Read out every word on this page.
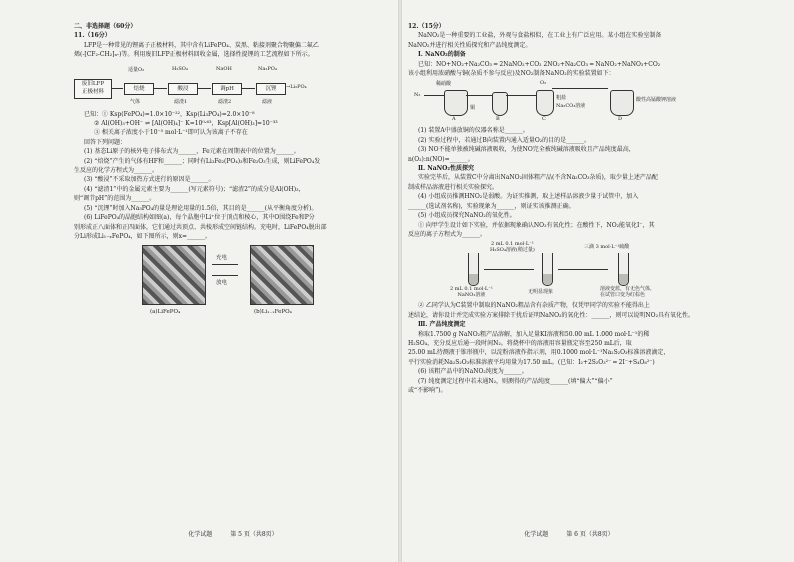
二、非选择题（60分）
11.（16分）
LFP是一种常见的锂离子正极材料，其中含有LiFePO₄、炭黑、粘接剂聚合物聚偏二氟乙
烯(-[CF₂-CH₂]ₙ-)等。利用废旧LFP正极材料回收金属，选择性提锂的工艺流程如下所示。
废旧LFP
正极材料
焙烧	酸浸	调pH	沉锂	→Li₂PO₄
适量O₂	H₂SO₄	NaOH	Na₂PO₄
气体	滤渣1	滤渣2	滤液
已知：① Ksp(FePO₄)=1.0×10⁻²²，Ksp(Li₃PO₄)=2.0×10⁻⁸
② Al(OH)₃+OH⁻ ⇌ [Al(OH)₄]⁻ K=10⁰·⁶³，Ksp[Al(OH)₃]=10⁻³³
③ 相关离子浓度小于10⁻⁵ mol·L⁻¹即可认为该离子不存在
回答下列问题：
(1) 基态Li原子的核外电子排布式为______，Fe元素在周期表中的位置为______。
(2) “焙烧”产生的气体有HF和______；同时有Li₃Fe₂(PO₄)₃和Fe₂O₃生成，则LiFePO₄发
生反应的化学方程式为______。
(3) “酸浸”不采取加热方式进行的原因是______。
(4) “滤渣1”中的金属元素主要为______(写元素符号)；“滤渣2”的成分是Al(OH)₃，
则“调节pH”的范围为______。
(5) “沉锂”时加入Na₃PO₄的量是理论用量的1.5倍，其目的是______(从平衡角度分析)。
(6) LiFePO₄的晶胞结构如图(a)，每个晶胞中Li⁺位于顶点和棱心，其中O围绕Fe和P分
别形成正八面体和正四面体，它们通过共顶点、共棱形成空间链结构。充电时，LiFePO₄脱出部
分Li形成Li₁₋ₓFePO₄，如下图所示，则x=______。
充电
放电
(a)LiFePO₄	(b)Li₁₋ₓFePO₄
化学试题	第 5 页（共8页）
12.（15分）
NaNO₂是一种重要的工业盐，外观与食盐相似，在工业上有广泛应用。某小组在实验室制备
NaNO₂并进行相关性质探究和产品纯度测定。
Ⅰ. NaNO₂的制备
已知：NO+NO₂+Na₂CO₃ ═ 2NaNO₂+CO₂ 2NO₂+Na₂CO₃ ═ NaNO₂+NaNO₃+CO₂
该小组利用浓硝酸与铜(杂质不参与反应)及NO₂制备NaNO₂的实验装置如下：
稀硝酸
N₂
铜
O₂
粗盐
Na₂CO₃溶液
酸性高锰酸钾溶液
A	B	C	D
(1) 装置A中盛放铜的仪器名称是______。
(2) 实验过程中，若通过B向装置内通入适量O₂的目的是______。
(3) NO不能单独被纯碱溶液吸收，为使NO完全被纯碱溶液吸收且产品纯度最高，
n(O₂):n(NO)=______。
Ⅱ. NaNO₂性质探究
实验完毕后，从装置C中分离出NaNO₂固体粗产品(不含Na₂CO₃杂质)，取少量上述产品配
制成样品溶液进行相关实验探究。
(4) 小组成员推测HNO₂是弱酸。为证实推测，取上述样品溶液少量于试管中，加入
______(选试剂名称)，实验现象为______，则证实该推测正确。
(5) 小组成员探究NaNO₂的氧化性。
① 向甲学生设计如下实验，并依据现象确认NO₂有氧化性；在酸性下，NO₂能氧化I⁻，其
反应的离子方程式为______。
2 mL 0.1 mol·L⁻¹
H₂SO₄溶液(稍过量)	三滴 3 mol·L⁻¹硫酸
2 mL 0.1 mol·L⁻¹
NaNO₂溶液	无明显现象	溶液变蓝，有无色气体，
在试管口变为红棕色
② 乙同学认为C装置中制取的NaNO₂粗品含有杂质产物，仅凭甲同学的实验不能得出上
述结论，请你设计并完成实验方案排除干扰后证明NaNO₂的氧化性：______，则可以说明NO₂具有氧化性。
Ⅲ. 产品纯度测定
称取1.7500 g NaNO₂粗产品溶解，加入足量KI溶液和50.00 mL 1.000 mol·L⁻¹的稀
H₂SO₄，充分反应后通一段时间N₂。将烧杯中的溶液用容量瓶定容至250 mL后，取
25.00 mL待测液于锥形瓶中，以淀粉溶液作指示剂，用0.1000 mol·L⁻¹Na₂S₂O₃标准溶液滴定，
平行实验消耗Na₂S₂O₃标准溶液平均用量为17.50 mL。(已知：I₂+2S₂O₃²⁻ ═ 2I⁻+S₄O₆²⁻)
(6) 该粗产品中的NaNO₂纯度为______。
(7) 纯度测定过程中若未通N₂，则测得的产品纯度______(填“偏大”“偏小”
或“不影响”)。
化学试题	第 6 页（共8页）
